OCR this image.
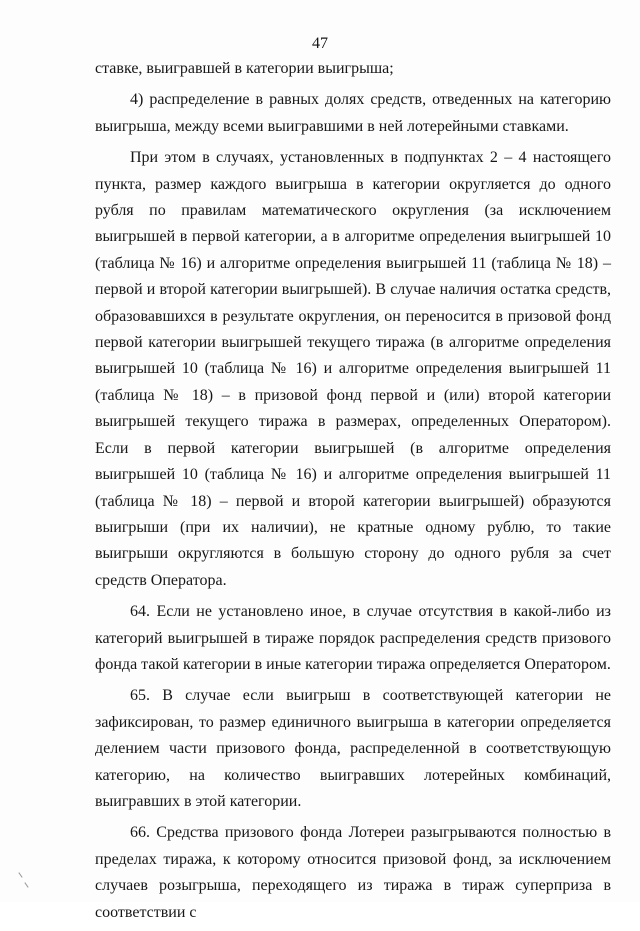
47

ставке, выигравшей в категории выигрыша;

4) распределение в равных долях средств, отведенных на категорию выигрыша, между всеми выигравшими в ней лотерейными ставками.

При этом в случаях, установленных в подпунктах 2 – 4 настоящего пункта, размер каждого выигрыша в категории округляется до одного рубля по правилам математического округления (за исключением выигрышей в первой категории, а в алгоритме определения выигрышей 10 (таблица № 16) и алгоритме определения выигрышей 11 (таблица № 18) – первой и второй категории выигрышей). В случае наличия остатка средств, образовавшихся в результате округления, он переносится в призовой фонд первой категории выигрышей текущего тиража (в алгоритме определения выигрышей 10 (таблица № 16) и алгоритме определения выигрышей 11 (таблица № 18) – в призовой фонд первой и (или) второй категории выигрышей текущего тиража в размерах, определенных Оператором). Если в первой категории выигрышей (в алгоритме определения выигрышей 10 (таблица № 16) и алгоритме определения выигрышей 11 (таблица № 18) – первой и второй категории выигрышей) образуются выигрыши (при их наличии), не кратные одному рублю, то такие выигрыши округляются в большую сторону до одного рубля за счет средств Оператора.

64. Если не установлено иное, в случае отсутствия в какой-либо из категорий выигрышей в тираже порядок распределения средств призового фонда такой категории в иные категории тиража определяется Оператором.

65. В случае если выигрыш в соответствующей категории не зафиксирован, то размер единичного выигрыша в категории определяется делением части призового фонда, распределенной в соответствующую категорию, на количество выигравших лотерейных комбинаций, выигравших в этой категории.

66. Средства призового фонда Лотереи разыгрываются полностью в пределах тиража, к которому относится призовой фонд, за исключением случаев розыгрыша, переходящего из тиража в тираж суперприза в соответствии с
